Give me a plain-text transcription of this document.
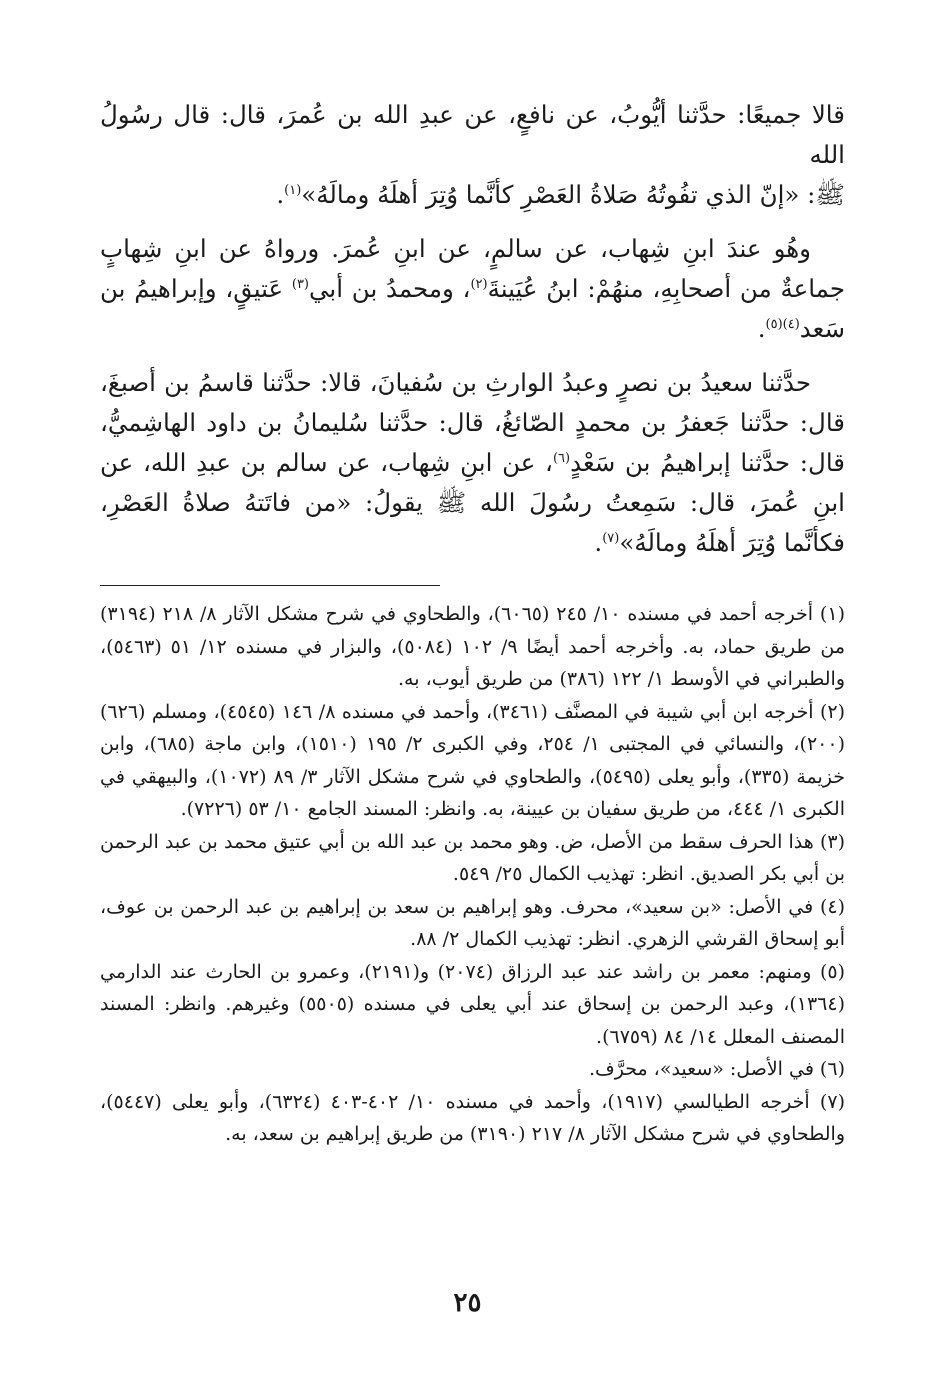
قالا جميعًا: حدَّثنا أيُّوبُ، عن نافعٍ، عن عبدِ الله بن عُمرَ، قال: قال رسُولُ الله
ﷺ: «إنّ الذي تفُوتُهُ صَلاةُ العَصْرِ كأنَّما وُتِرَ أهلَهُ ومالَهُ»$^{(١)}$.

وهُو عندَ ابنِ شِهاب، عن سالمٍ، عن ابنِ عُمرَ. ورواهُ عن ابنِ شِهابٍ جماعةٌ من أصحابِهِ، منهُمْ: ابنُ عُيَينةَ$^{(٢)}$، ومحمدُ بن أبي$^{(٣)}$ عَتيقٍ، وإبراهيمُ بن سَعد$^{(٤)(٥)}$.

حدَّثنا سعيدُ بن نصرٍ وعبدُ الوارثِ بن سُفيانَ، قالا: حدَّثنا قاسمُ بن أصبغَ، قال: حدَّثنا جَعفرُ بن محمدٍ الصّائغُ، قال: حدَّثنا سُليمانُ بن داود الهاشِميُّ، قال: حدَّثنا إبراهيمُ بن سَعْدٍ$^{(٦)}$، عن ابنِ شِهاب، عن سالم بن عبدِ الله، عن ابنِ عُمرَ، قال: سَمِعتُ رسُولَ الله ﷺ يقولُ: «من فاتَتهُ صلاةُ العَصْرِ، فكأنَّما وُتِرَ أهلَهُ ومالَهُ»$^{(٧)}$.

(١) أخرجه أحمد في مسنده ١٠/ ٢٤٥ (٦٠٦٥)، والطحاوي في شرح مشكل الآثار ٨/ ٢١٨ (٣١٩٤) من طريق حماد، به. وأخرجه أحمد أيضًا ٩/ ١٠٢ (٥٠٨٤)، والبزار في مسنده ١٢/ ٥١ (٥٤٦٣)، والطبراني في الأوسط ١/ ١٢٢ (٣٨٦) من طريق أيوب، به.

(٢) أخرجه ابن أبي شيبة في المصنَّف (٣٤٦١)، وأحمد في مسنده ٨/ ١٤٦ (٤٥٤٥)، ومسلم (٦٢٦) (٢٠٠)، والنسائي في المجتبى ١/ ٢٥٤، وفي الكبرى ٢/ ١٩٥ (١٥١٠)، وابن ماجة (٦٨٥)، وابن خزيمة (٣٣٥)، وأبو يعلى (٥٤٩٥)، والطحاوي في شرح مشكل الآثار ٣/ ٨٩ (١٠٧٢)، والبيهقي في الكبرى ١/ ٤٤٤، من طريق سفيان بن عيينة، به. وانظر: المسند الجامع ١٠/ ٥٣ (٧٢٢٦).

(٣) هذا الحرف سقط من الأصل، ض. وهو محمد بن عبد الله بن أبي عتيق محمد بن عبد الرحمن بن أبي بكر الصديق. انظر: تهذيب الكمال ٢٥/ ٥٤٩.

(٤) في الأصل: «بن سعيد»، محرف. وهو إبراهيم بن سعد بن إبراهيم بن عبد الرحمن بن عوف، أبو إسحاق القرشي الزهري. انظر: تهذيب الكمال ٢/ ٨٨.

(٥) ومنهم: معمر بن راشد عند عبد الرزاق (٢٠٧٤) و(٢١٩١)، وعمرو بن الحارث عند الدارمي (١٣٦٤)، وعبد الرحمن بن إسحاق عند أبي يعلى في مسنده (٥٥٠٥) وغيرهم. وانظر: المسند المصنف المعلل ١٤/ ٨٤ (٦٧٥٩).

(٦) في الأصل: «سعيد»، محرَّف.

(٧) أخرجه الطيالسي (١٩١٧)، وأحمد في مسنده ١٠/ ٤٠٢-٤٠٣ (٦٣٢٤)، وأبو يعلى (٥٤٤٧)، والطحاوي في شرح مشكل الآثار ٨/ ٢١٧ (٣١٩٠) من طريق إبراهيم بن سعد، به.

٢٥
